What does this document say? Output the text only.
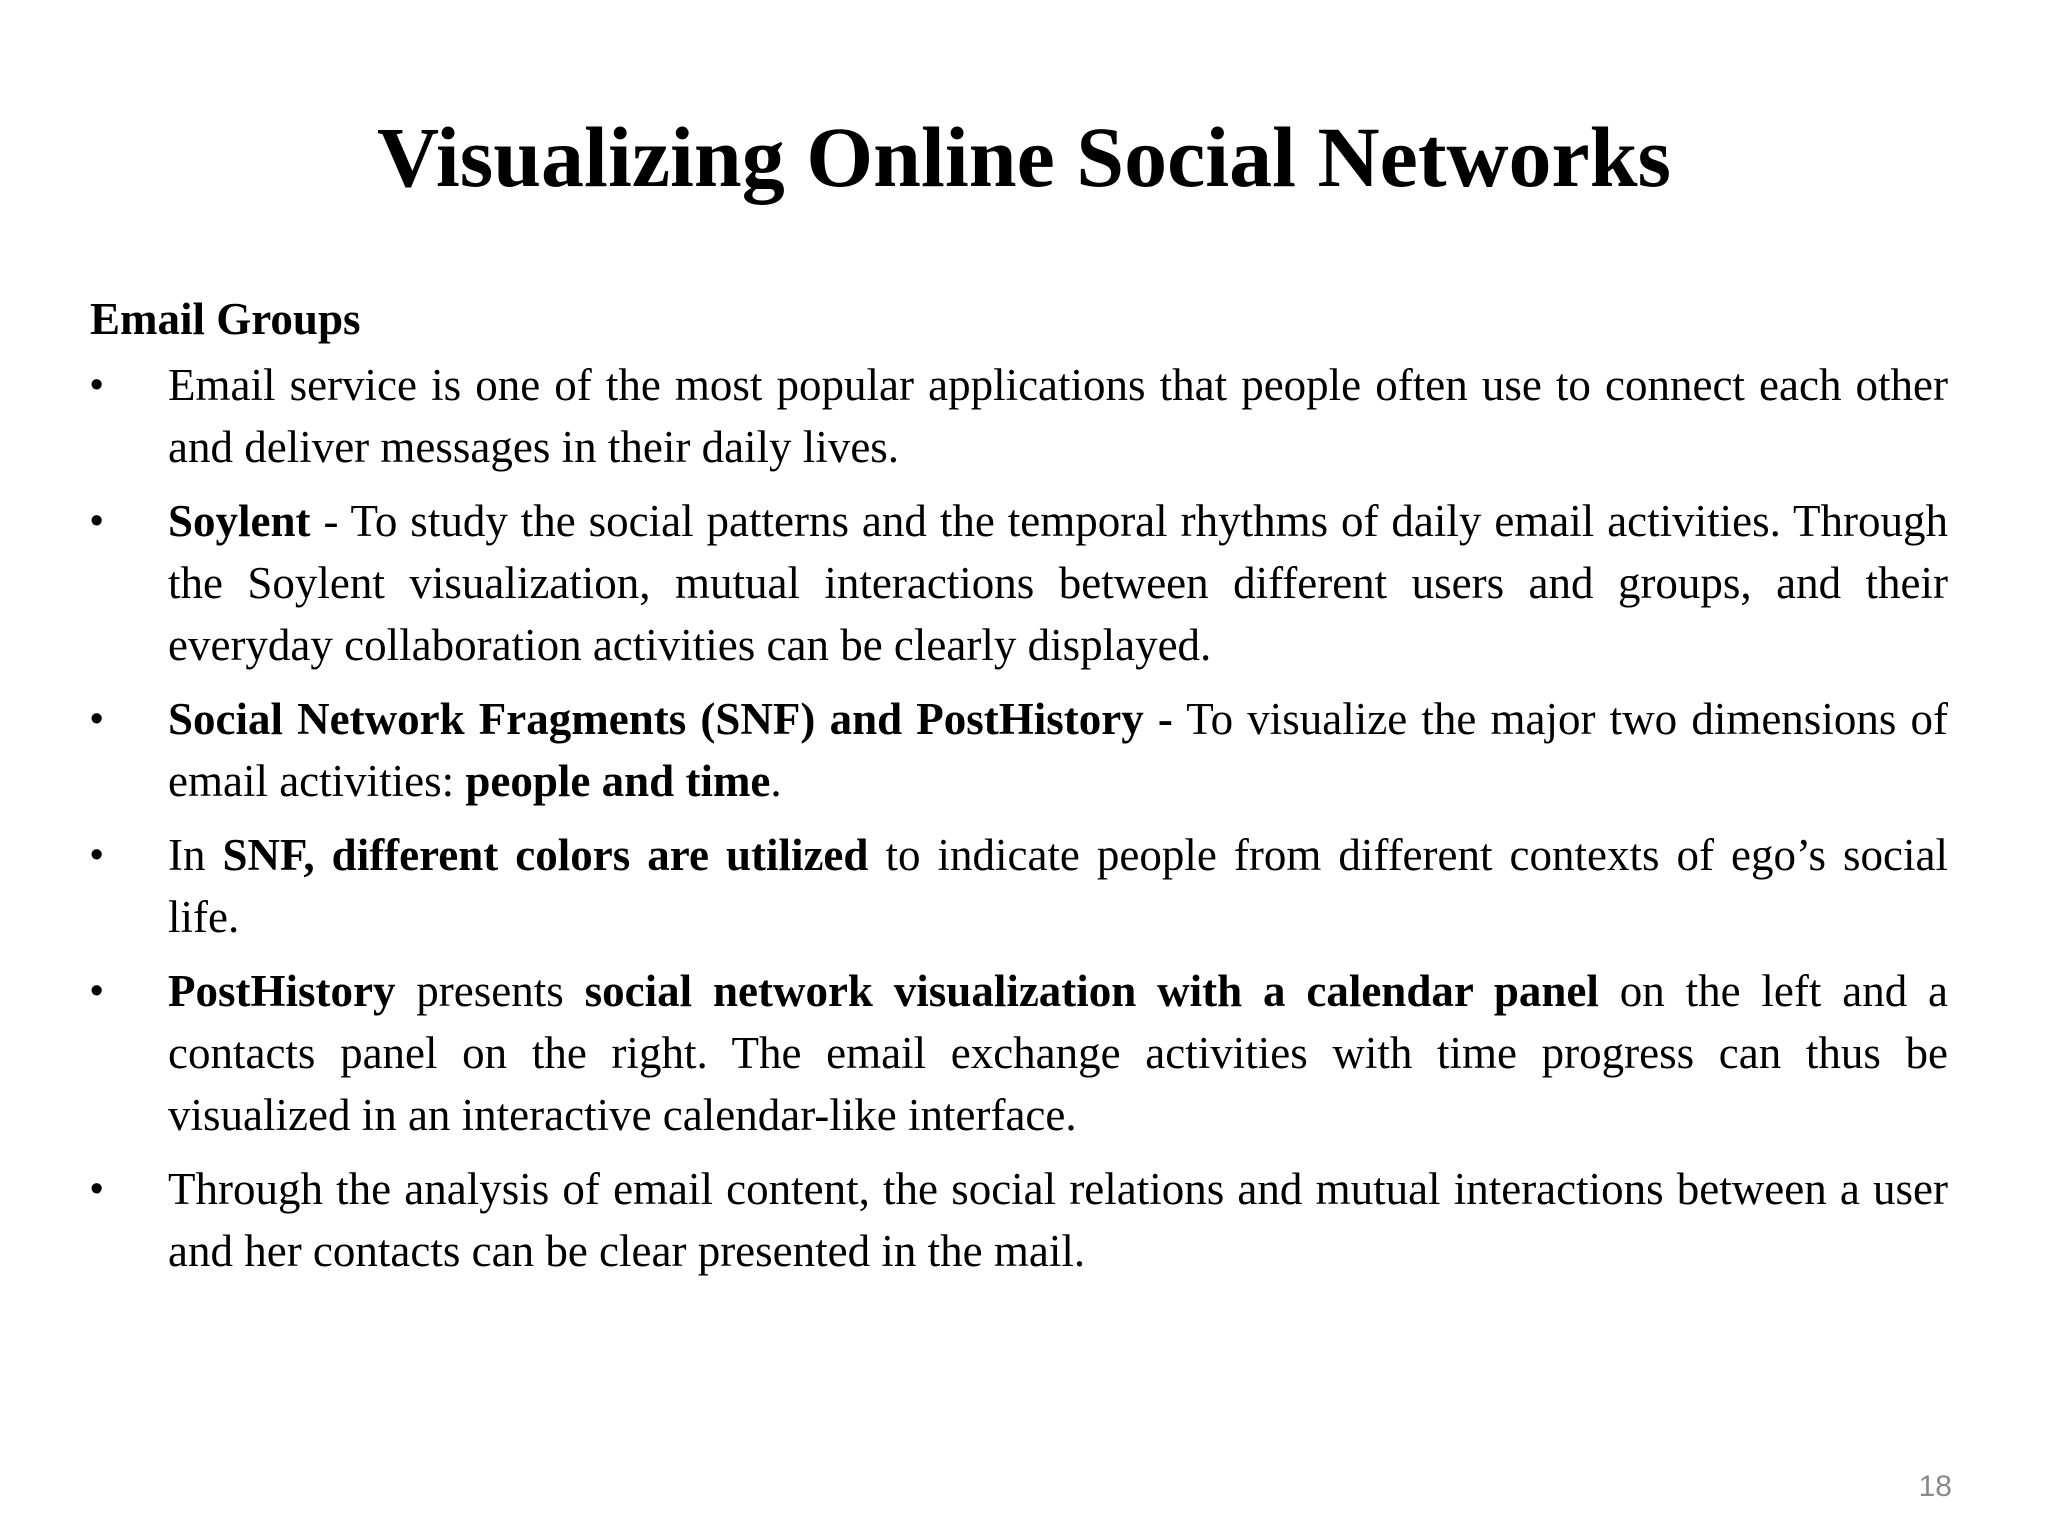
Visualizing Online Social Networks
Email Groups
• Email service is one of the most popular applications that people often use to connect each other and deliver messages in their daily lives.
• Soylent - To study the social patterns and the temporal rhythms of daily email activities. Through the Soylent visualization, mutual interactions between different users and groups, and their everyday collaboration activities can be clearly displayed.
• Social Network Fragments (SNF) and PostHistory - To visualize the major two dimensions of email activities: people and time.
• In SNF, different colors are utilized to indicate people from different contexts of ego’s social life.
• PostHistory presents social network visualization with a calendar panel on the left and a contacts panel on the right. The email exchange activities with time progress can thus be visualized in an interactive calendar-like interface.
• Through the analysis of email content, the social relations and mutual interactions between a user and her contacts can be clear presented in the mail.
18
